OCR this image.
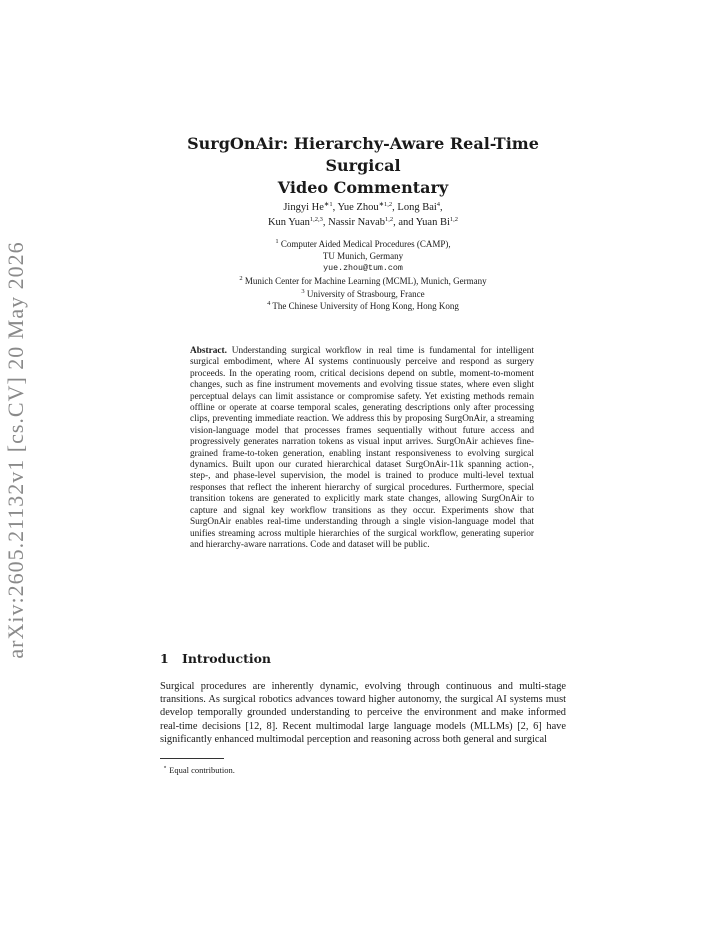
arXiv:2605.21132v1 [cs.CV] 20 May 2026
SurgOnAir: Hierarchy-Aware Real-Time Surgical
Video Commentary
Jingyi $He^{∗1}$, Yue Zhou$^{∗1,2}$, Long Bai$^4$,
Kun Yuan$^{1,2,3}$, Nassir Navab$^{1,2}$, and Yuan Bi$^{1,2}$
$^1$ Computer Aided Medical Procedures (CAMP),
TU Munich, Germany
yue.zhou@tum.com
$^2$ Munich Center for Machine Learning (MCML), Munich, Germany
$^3$ University of Strasbourg, France
$^4$ The Chinese University of Hong Kong, Hong Kong
Abstract. Understanding surgical workflow in real time is fundamental for intelligent surgical embodiment, where AI systems continuously perceive and respond as surgery proceeds. In the operating room, critical decisions depend on subtle, moment-to-moment changes, such as fine instrument movements and evolving tissue states, where even slight perceptual delays can limit assistance or compromise safety. Yet existing methods remain offline or operate at coarse temporal scales, generating descriptions only after processing clips, preventing immediate reaction. We address this by proposing SurgOnAir, a streaming vision-language model that processes frames sequentially without future access and progressively generates narration tokens as visual input arrives. SurgOnAir achieves fine-grained frame-to-token generation, enabling instant responsiveness to evolving surgical dynamics. Built upon our curated hierarchical dataset SurgOnAir-11k spanning action-, step-, and phase-level supervision, the model is trained to produce multi-level textual responses that reflect the inherent hierarchy of surgical procedures. Furthermore, special transition tokens are generated to explicitly mark state changes, allowing SurgOnAir to capture and signal key workflow transitions as they occur. Experiments show that SurgOnAir enables real-time understanding through a single vision-language model that unifies streaming across multiple hierarchies of the surgical workflow, generating superior and hierarchy-aware narrations. Code and dataset will be public.
1 Introduction
Surgical procedures are inherently dynamic, evolving through continuous and multi-stage transitions. As surgical robotics advances toward higher autonomy, the surgical AI systems must develop temporally grounded understanding to perceive the environment and make informed real-time decisions [12, 8]. Recent multimodal large language models (MLLMs) [2, 6] have significantly enhanced multimodal perception and reasoning across both general and surgical
⋆ Equal contribution.
